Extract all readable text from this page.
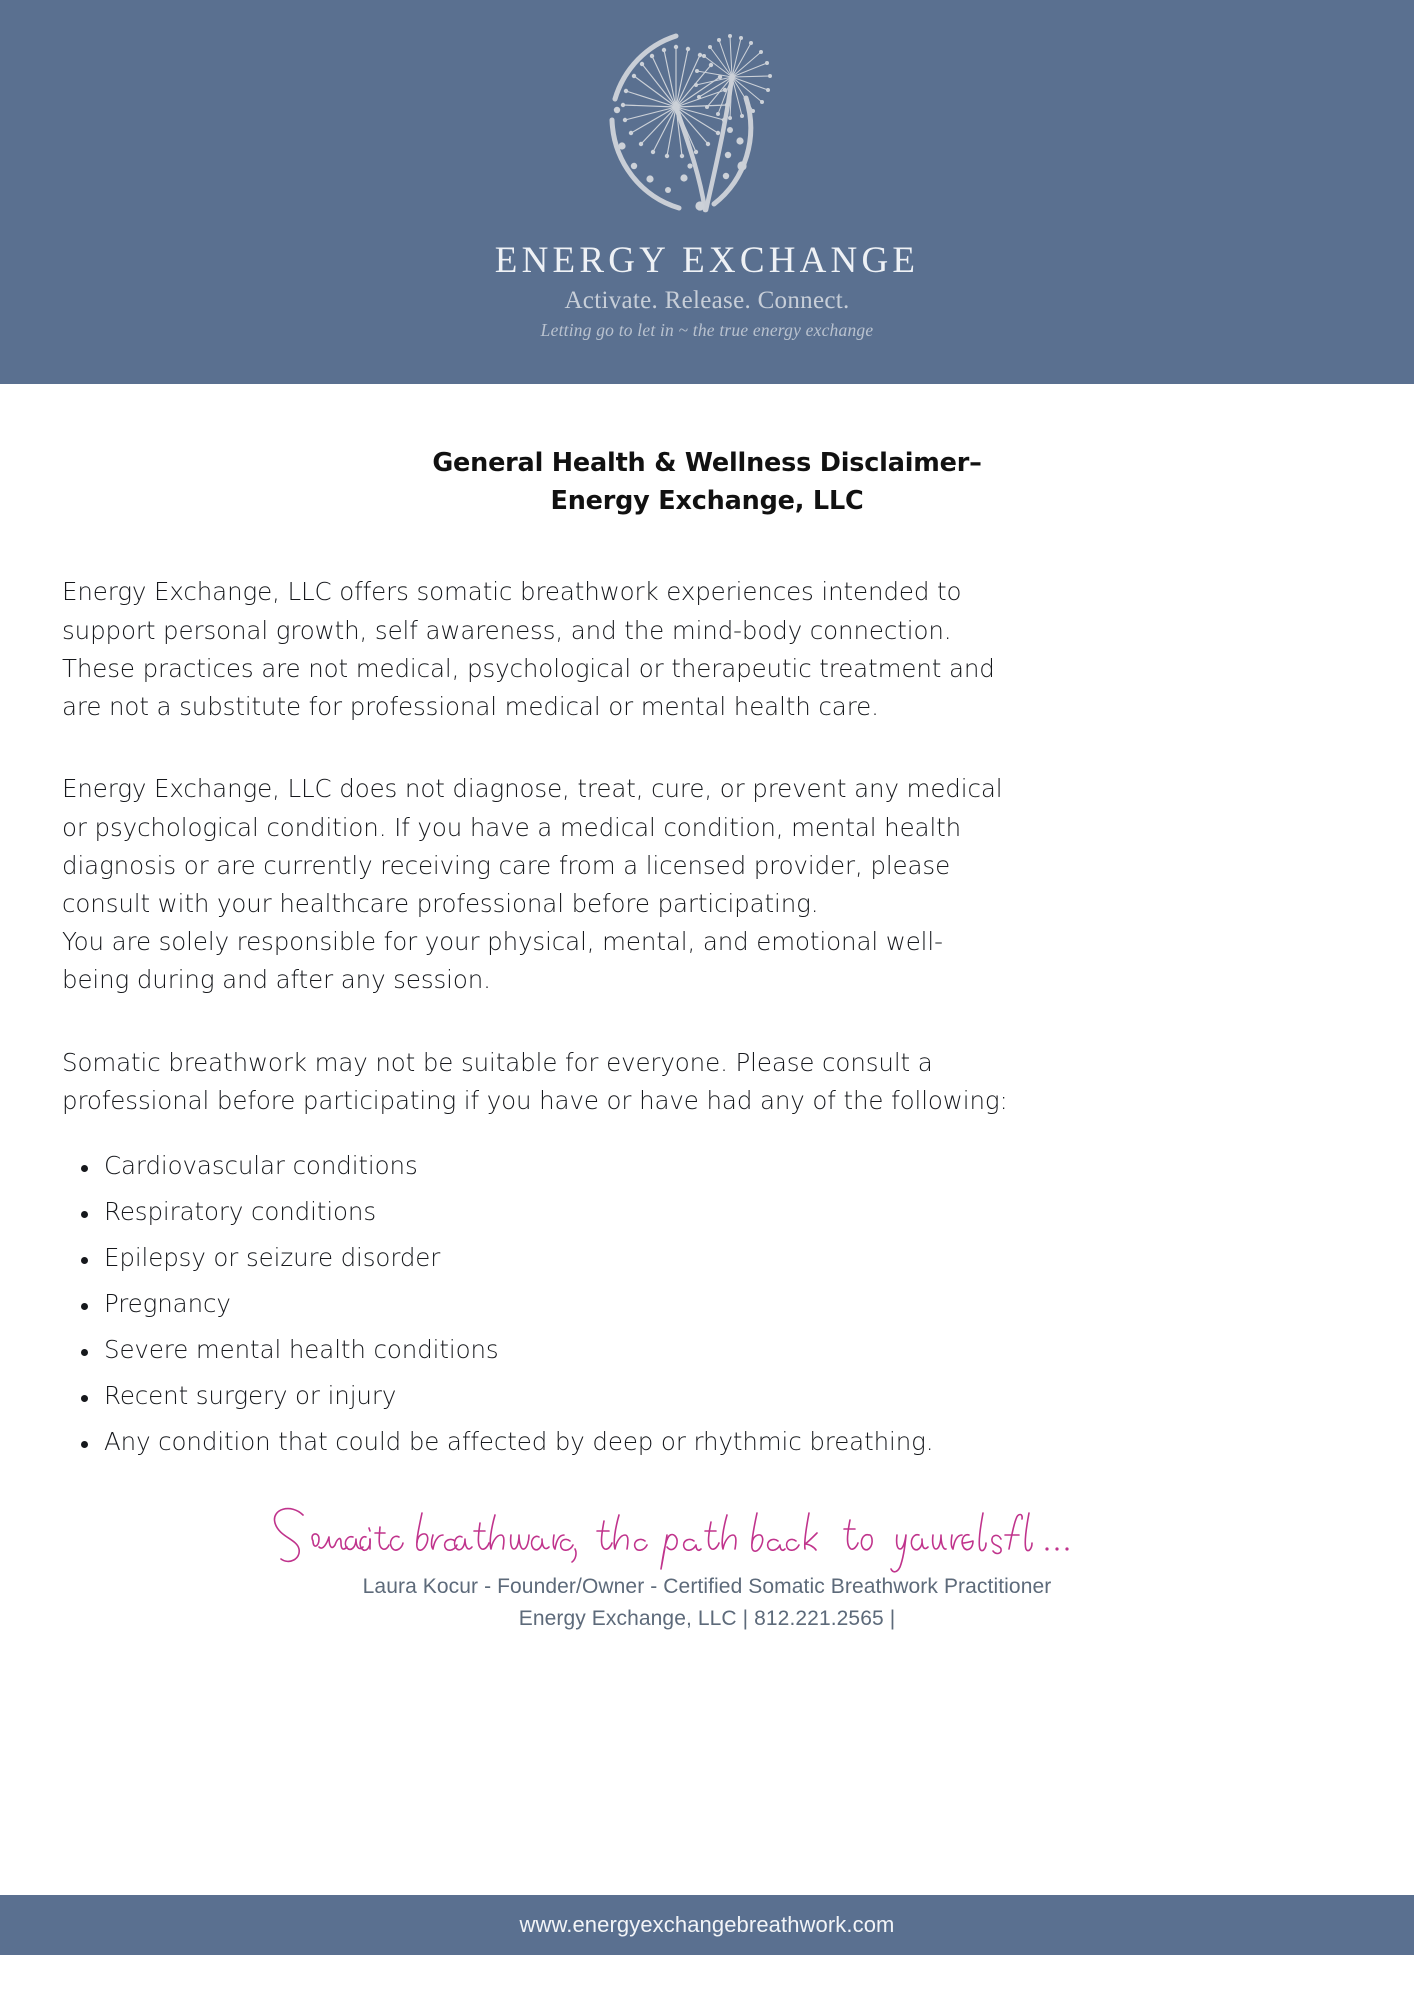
ENERGY EXCHANGE
Activate. Release. Connect.
Letting go to let in ~ the true energy exchange
General Health & Wellness Disclaimer–
Energy Exchange, LLC

Energy Exchange, LLC offers somatic breathwork experiences intended to
support personal growth, self awareness, and the mind-body connection.
These practices are not medical, psychological or therapeutic treatment and
are not a substitute for professional medical or mental health care.

Energy Exchange, LLC does not diagnose, treat, cure, or prevent any medical
or psychological condition. If you have a medical condition, mental health
diagnosis or are currently receiving care from a licensed provider, please
consult with your healthcare professional before participating.
You are solely responsible for your physical, mental, and emotional well-
being during and after any session.

Somatic breathwork may not be suitable for everyone. Please consult a
professional before participating if you have or have had any of the following:

Cardiovascular conditions
Respiratory conditions
Epilepsy or seizure disorder
Pregnancy
Severe mental health conditions
Recent surgery or injury
Any condition that could be affected by deep or rhythmic breathing.
Laura Kocur - Founder/Owner - Certified Somatic Breathwork Practitioner
Energy Exchange, LLC | 812.221.2565 |
www.energyexchangebreathwork.com
